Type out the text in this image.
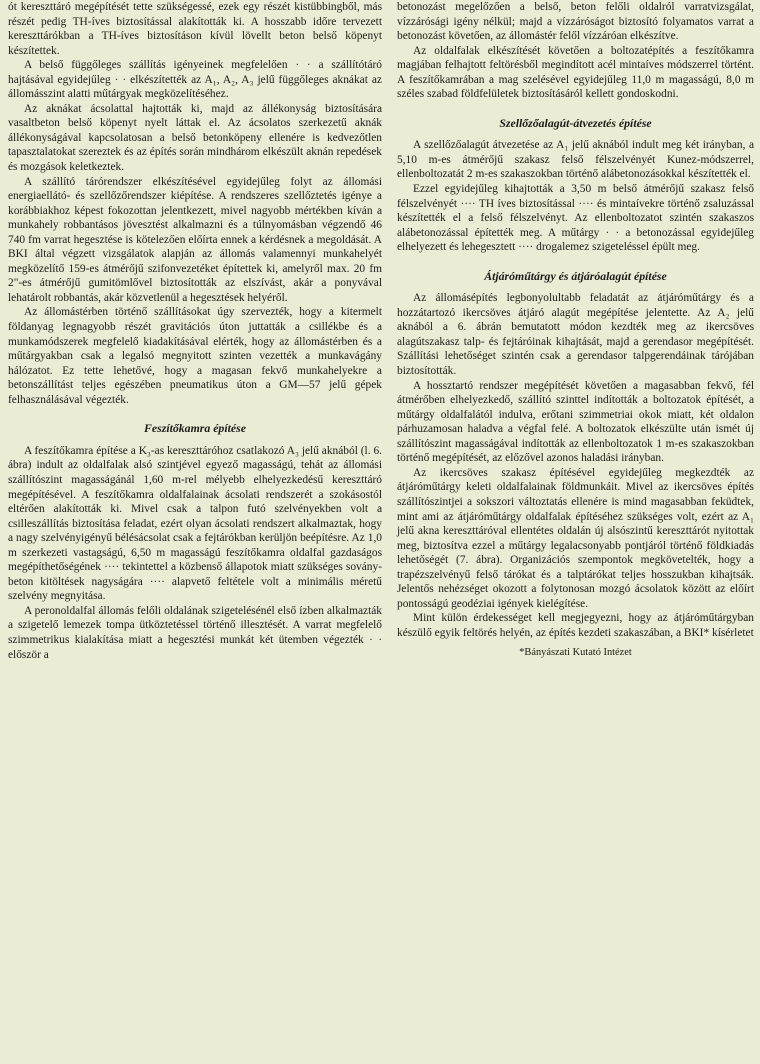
ót kereszttáró megépítését tette szükségessé, ezek egy részét kistübbingből, más részét pedig TH-íves biztosítással alakították ki. A hosszabb időre tervezett kereszttárókban a TH-íves biztosításon kívül lövellt beton belső köpenyt készítettek.

A belső függőleges szállítás igényeinek megfelelően · · a szállítótáró hajtásával egyidejűleg · · elkészítették az A₁, A₂, A₃ jelű függőleges aknákat az állomásszint alatti műtárgyak megközelítéséhez.

Az aknákat ácsolattal hajtották ki, majd az állékonyság biztosítására vasaltbeton belső köpenyt nyelt láttak el. Az ácsolatos szerkezetű aknák állékonyságával kapcsolatosan a belső betonköpeny ellenére is kedvezőtlen tapasztalatokat szereztek és az építés során mindhárom elkészült aknán repedések és mozgások keletkeztek.

A szállító tárórendszer elkészítésével egyidejűleg folyt az állomási energiaellátó- és szellőzőrendszer kiépítése. A rendszeres szellőztetés igénye a korábbiakhoz képest fokozottan jelentkezett, mivel nagyobb mértékben kíván a munkahely robbantásos jövesztést alkalmazni és a túlnyomásban végzendő 46 740 fm varrat hegesztése is kötelezően előírta ennek a kérdésnek a megoldását. A BKI által végzett vizsgálatok alapján az állomás valamennyi munkahelyét megközelítő 159-es átmérőjű szifonvezetéket építettek ki, amelyről max. 20 fm 2"-es átmérőjű gumitömlővel biztosították az elszívást, akár a ponyvával lehatárolt robbantás, akár közvetlenül a hegesztések helyéről.

Az állomástérben történő szállításokat úgy szervezték, hogy a kitermelt földanyag legnagyobb részét gravitációs úton juttatták a csillékbe és a munkamódszerek megfelelő kiadakításával elérték, hogy az állomástérben és a műtárgyakban csak a legalsó megnyitott szinten vezették a munkavágány hálózatot. Ez tette lehetővé, hogy a magasan fekvő munkahelyekre a betonszállítást teljes egészében pneumatikus úton a GM—57 jelű gépek felhasználásával végezték.

Feszítőkamra építése

A feszítőkamra építése a K₃-as kereszttáróhoz csatlakozó A₃ jelű aknából (l. 6. ábra) indult az oldalfalak alsó szintjével egyező magasságú, tehát az állomási szállítószint magasságánál 1,60 m-rel mélyebb elhelyezkedésű kereszttáró megépítésével. A feszítőkamra oldalfalainak ácsolati rendszerét a szokásostól eltérően alakították ki. Mivel csak a talpon futó szelvényekben volt a csilleszállítás biztosítása feladat, ezért olyan ácsolati rendszert alkalmaztak, hogy a nagy szelvényigényű bélésácsolat csak a fejtárókban kerüljön beépítésre. Az 1,0 m szerkezeti vastagságú, 6,50 m magasságú feszítőkamra oldalfal gazdaságos megépíthetőségének ···· tekintettel a közbenső állapotok miatt szükséges soványbeton kitöltések nagyságára ···· alapvető feltétele volt a minimális méretű szelvény megnyitása.

A peronoldalfal állomás felőli oldalának szigetelésénél első ízben alkalmazták a szigetelő lemezek tompa ütköztetéssel történő illesztését. A varrat megfelelő szimmetrikus kialakítása miatt a hegesztési munkát két ütemben végezték · · először a

betonozást megelőzően a belső, beton felőli oldalról varratvizsgálat, vízzárósági igény nélkül; majd a vízzáróságot biztosító folyamatos varrat a betonozást követően, az állomástér felől vízzáróan elkészítve.

Az oldalfalak elkészítését követően a boltozatépítés a feszítőkamra magjában felhajtott feltörésből megindított acél mintaíves módszerrel történt. A feszítőkamrában a mag szelésével egyidejűleg 11,0 m magasságú, 8,0 m széles szabad földfelületek biztosításáról kellett gondoskodni.

Szellőzőalagút-átvezetés építése

A szellőzőalagút átvezetése az A₁ jelű aknából indult meg két irányban, a 5,10 m-es átmérőjű szakasz felső félszelvényét Kunez-módszerrel, ellenboltozatát 2 m-es szakaszokban történő alábetonozásokkal készítették el.

Ezzel egyidejűleg kihajtották a 3,50 m belső átmérőjű szakasz felső félszelvényét ···· TH íves biztosítással ···· és mintaívekre történő zsaluzással készítették el a felső félszelvényt. Az ellenboltozatot szintén szakaszos alábetonozással építették meg. A műtárgy · · a betonozással egyidejűleg elhelyezett és lehegesztett ···· drogalemez szigeteléssel épült meg.

Átjáróműtárgy és átjáróalagút építése

Az állomásépítés legbonyolultabb feladatát az átjáróműtárgy és a hozzátartozó ikercsöves átjáró alagút megépítése jelentette. Az A₂ jelű aknából a 6. ábrán bemutatott módon kezdték meg az ikercsöves alagútszakasz talp- és fejtáróinak kihajtását, majd a gerendasor megépítését. Szállítási lehetőséget szintén csak a gerendasor talpgerendáinak tárójában biztosították.

A hossztartó rendszer megépítését követően a magasabban fekvő, fél átmérőben elhelyezkedő, szállító szinttel indították a boltozatok építését, a műtárgy oldalfalától indulva, erőtani szimmetriai okok miatt, két oldalon párhuzamosan haladva a végfal felé. A boltozatok elkészülte után ismét új szállítószint magasságával indították az ellenboltozatok 1 m-es szakaszokban történő megépítését, az előzővel azonos haladási irányban.

Az ikercsöves szakasz építésével egyidejűleg megkezdték az átjáróműtárgy keleti oldalfalainak földmunkáit. Mivel az ikercsöves építés szállítószintjei a sokszori változtatás ellenére is mind magasabban feküdtek, mint ami az átjáróműtárgy oldalfalak építéséhez szükséges volt, ezért az A₁ jelű akna kereszttáróval ellentétes oldalán új alsószintű kereszttárót nyitottak meg, biztosítva ezzel a műtárgy legalacsonyabb pontjáról történő földkiadás lehetőségét (7. ábra). Organizációs szempontok megkövetelték, hogy a trapézszelvényű felső tárókat és a talptárókat teljes hosszukban kihajtsák. Jelentős nehézséget okozott a folytonosan mozgó ácsolatok között az előírt pontosságú geodéziai igények kielégítése.

Mint külön érdekességet kell megjegyezni, hogy az átjáróműtárgyban készülő egyik feltörés helyén, az építés kezdeti szakaszában, a BKI* kísérletet

*Bányászati Kutató Intézet
